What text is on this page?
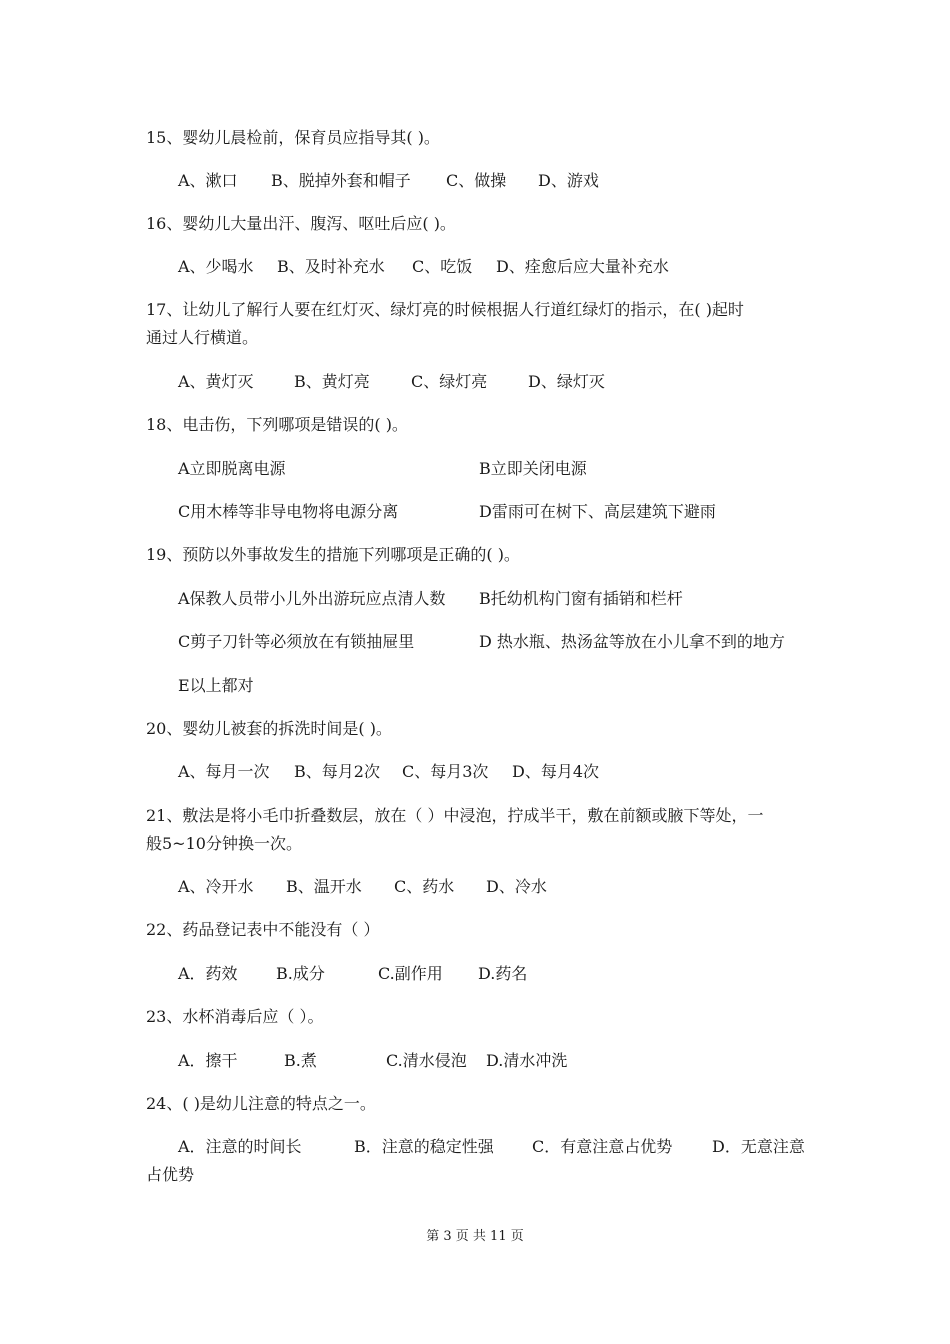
15、婴幼儿晨检前，保育员应指导其( )。
A、漱口 B、脱掉外套和帽子 C、做操 D、游戏
16、婴幼儿大量出汗、腹泻、呕吐后应( )。
A、少喝水 B、及时补充水 C、吃饭 D、痊愈后应大量补充水
17、让幼儿了解行人要在红灯灭、绿灯亮的时候根据人行道红绿灯的指示，在( )起时
通过人行横道。
A、黄灯灭	B、黄灯亮	C、绿灯亮	D、绿灯灭
18、电击伤，下列哪项是错误的( )。
A立即脱离电源	B立即关闭电源
C用木棒等非导电物将电源分离	D雷雨可在树下、高层建筑下避雨
19、预防以外事故发生的措施下列哪项是正确的( )。
A保教人员带小儿外出游玩应点清人数 B托幼机构门窗有插销和栏杆
C剪子刀针等必须放在有锁抽屉里	D 热水瓶、热汤盆等放在小儿拿不到的地方
E以上都对
20、婴幼儿被套的拆洗时间是( )。
A、每月一次 B、每月2次 C、每月3次 D、每月4次
21、敷法是将小毛巾折叠数层，放在（ ）中浸泡，拧成半干，敷在前额或腋下等处，一
般5~10分钟换一次。
A、冷开水 B、温开水 C、药水 D、冷水
22、药品登记表中不能没有（ ）
A．药效 B.成分	C.副作用 D.药名
23、水杯消毒后应（ ）。
A．擦干	B.煮	C.清水侵泡 D.清水冲洗
24、( )是幼儿注意的特点之一。
A．注意的时间长	B．注意的稳定性强 C．有意注意占优势 D．无意注意
占优势
第 3 页 共 11 页
